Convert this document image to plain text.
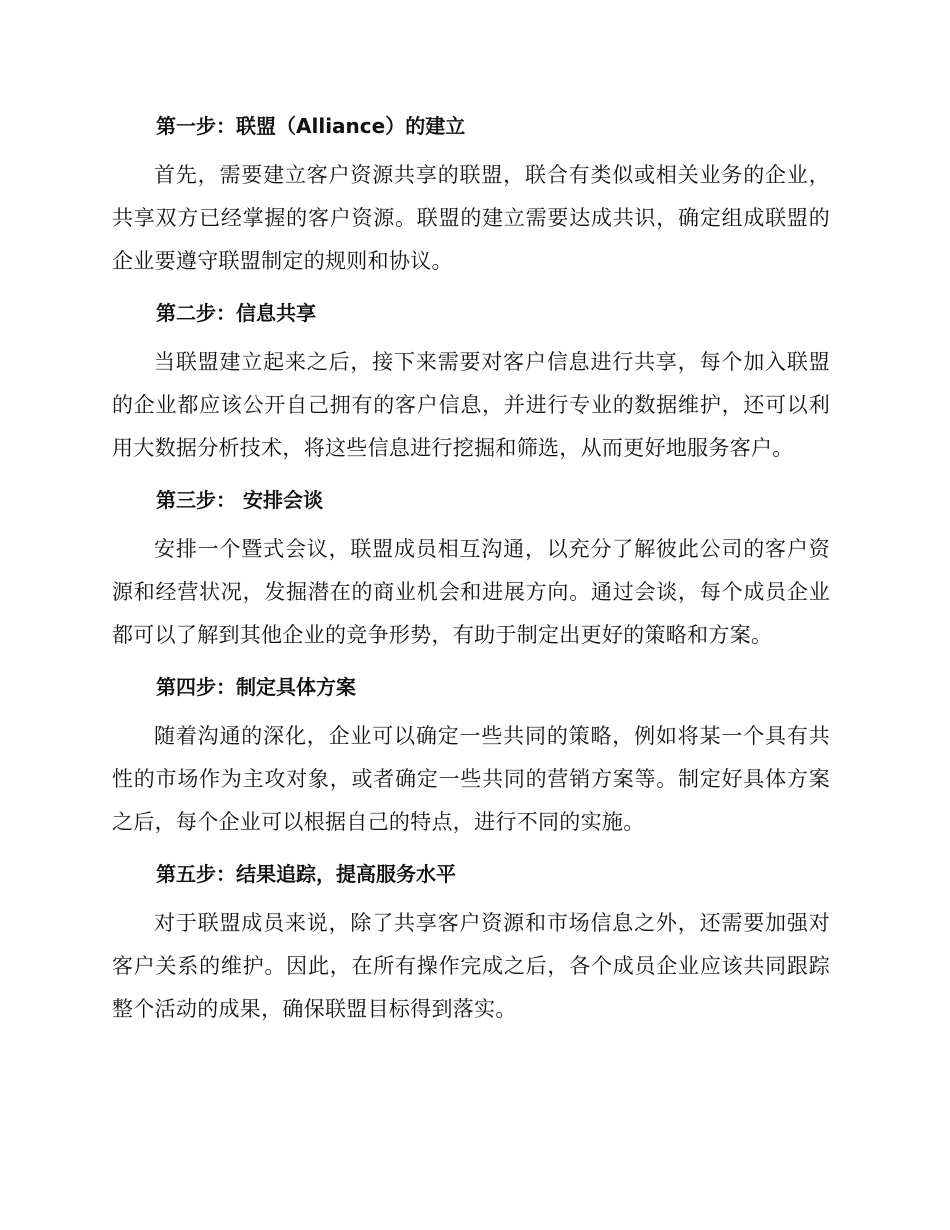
第一步：联盟（Alliance）的建立

首先，需要建立客户资源共享的联盟，联合有类似或相关业务的企业，共享双方已经掌握的客户资源。联盟的建立需要达成共识，确定组成联盟的企业要遵守联盟制定的规则和协议。

第二步：信息共享

当联盟建立起来之后，接下来需要对客户信息进行共享，每个加入联盟的企业都应该公开自己拥有的客户信息，并进行专业的数据维护，还可以利用大数据分析技术，将这些信息进行挖掘和筛选，从而更好地服务客户。

第三步： 安排会谈

安排一个暨式会议，联盟成员相互沟通，以充分了解彼此公司的客户资源和经营状况，发掘潜在的商业机会和进展方向。通过会谈，每个成员企业都可以了解到其他企业的竞争形势，有助于制定出更好的策略和方案。

第四步：制定具体方案

随着沟通的深化，企业可以确定一些共同的策略，例如将某一个具有共性的市场作为主攻对象，或者确定一些共同的营销方案等。制定好具体方案之后，每个企业可以根据自己的特点，进行不同的实施。

第五步：结果追踪，提高服务水平

对于联盟成员来说，除了共享客户资源和市场信息之外，还需要加强对客户关系的维护。因此，在所有操作完成之后，各个成员企业应该共同跟踪整个活动的成果，确保联盟目标得到落实。
